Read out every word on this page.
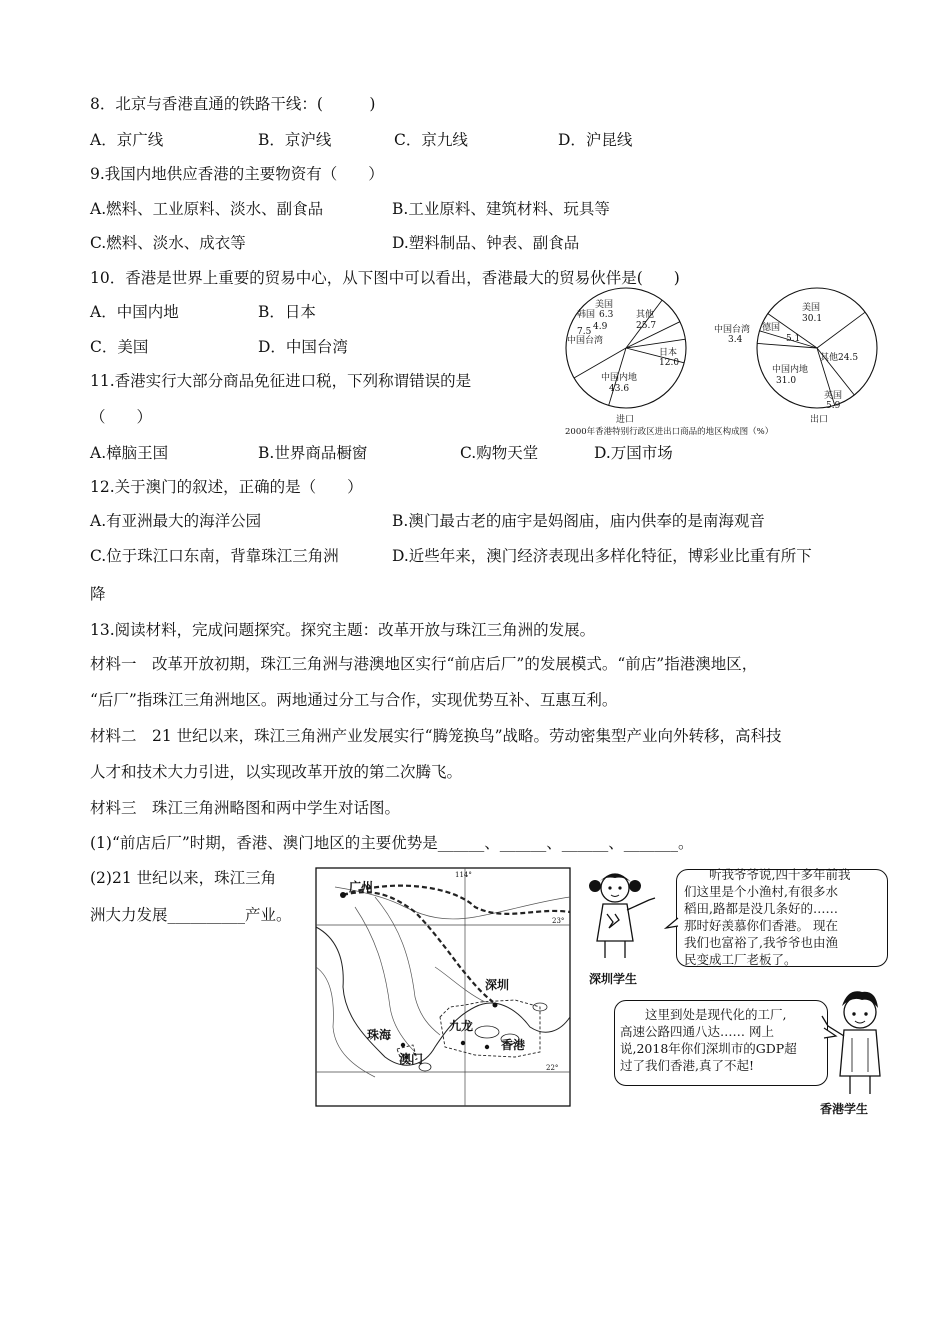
8．北京与香港直通的铁路干线：(　　　)
A．京广线	B．京沪线	C．京九线	D．沪昆线
9.我国内地供应香港的主要物资有（　　）
A.燃料、工业原料、淡水、副食品	B.工业原料、建筑材料、玩具等
C.燃料、淡水、成衣等	D.塑料制品、钟表、副食品
10．香港是世界上重要的贸易中心，从下图中可以看出，香港最大的贸易伙伴是(　　)
A．中国内地	B．日本
C．美国	D．中国台湾
美国
6.3
韩国
4.9
7.5
中国台湾
其他
25.7
日本
12.0
中国内地
43.6
进口
美国
30.1
德国
5.1
中国台湾
3.4
其他24.5
中国内地
31.0
英国
5.9
出口
2000年香港特别行政区进出口商品的地区构成图（%）
11.香港实行大部分商品免征进口税，下列称谓错误的是
（　　）
A.樟脑王国	B.世界商品橱窗	C.购物天堂	D.万国市场
12.关于澳门的叙述，正确的是（　　）
A.有亚洲最大的海洋公园	B.澳门最古老的庙宇是妈阁庙，庙内供奉的是南海观音
C.位于珠江口东南，背靠珠江三角洲	D.近些年来，澳门经济表现出多样化特征，博彩业比重有所下
降
13.阅读材料，完成问题探究。探究主题：改革开放与珠江三角洲的发展。
材料一　改革开放初期，珠江三角洲与港澳地区实行“前店后厂”的发展模式。“前店”指港澳地区，
“后厂”指珠江三角洲地区。两地通过分工与合作，实现优势互补、互惠互利。
材料二　21 世纪以来，珠江三角洲产业发展实行“腾笼换鸟”战略。劳动密集型产业向外转移，高科技
人才和技术大力引进，以实现改革开放的第二次腾飞。
材料三　珠江三角洲略图和两中学生对话图。
(1)“前店后厂”时期，香港、澳门地区的主要优势是______、______、______、_______。
(2)21 世纪以来，珠江三角
洲大力发展__________产业。
114°
23°
22°
广州
深圳
珠海
澳门
九龙
香港
深圳学生
　　听我爷爷说,四十多年前我
们这里是个小渔村,有很多水
稻田,路都是没几条好的……
那时好羡慕你们香港。 现在
我们也富裕了,我爷爷也由渔
民变成工厂老板了。
　　这里到处是现代化的工厂,
高速公路四通八达…… 网上
说,2018年你们深圳市的GDP超
过了我们香港,真了不起!
香港学生
